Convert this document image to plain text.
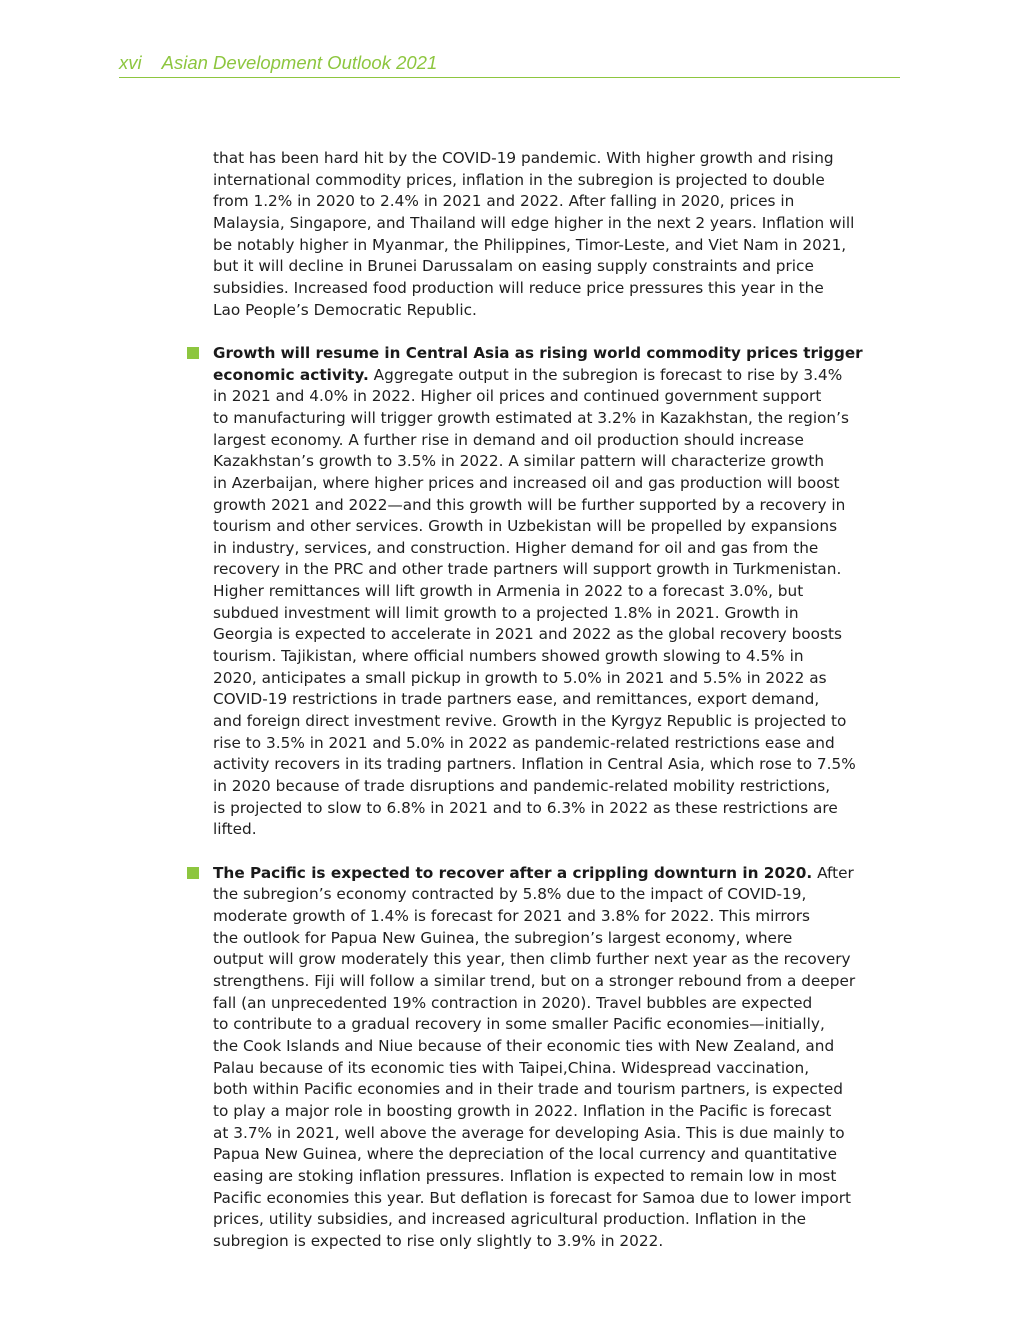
xvi Asian Development Outlook 2021

that has been hard hit by the COVID-19 pandemic. With higher growth and rising
international commodity prices, inflation in the subregion is projected to double
from 1.2% in 2020 to 2.4% in 2021 and 2022. After falling in 2020, prices in
Malaysia, Singapore, and Thailand will edge higher in the next 2 years. Inflation will
be notably higher in Myanmar, the Philippines, Timor-Leste, and Viet Nam in 2021,
but it will decline in Brunei Darussalam on easing supply constraints and price
subsidies. Increased food production will reduce price pressures this year in the
Lao People’s Democratic Republic.

Growth will resume in Central Asia as rising world commodity prices trigger
economic activity. Aggregate output in the subregion is forecast to rise by 3.4%
in 2021 and 4.0% in 2022. Higher oil prices and continued government support
to manufacturing will trigger growth estimated at 3.2% in Kazakhstan, the region’s
largest economy. A further rise in demand and oil production should increase
Kazakhstan’s growth to 3.5% in 2022. A similar pattern will characterize growth
in Azerbaijan, where higher prices and increased oil and gas production will boost
growth 2021 and 2022—and this growth will be further supported by a recovery in
tourism and other services. Growth in Uzbekistan will be propelled by expansions
in industry, services, and construction. Higher demand for oil and gas from the
recovery in the PRC and other trade partners will support growth in Turkmenistan.
Higher remittances will lift growth in Armenia in 2022 to a forecast 3.0%, but
subdued investment will limit growth to a projected 1.8% in 2021. Growth in
Georgia is expected to accelerate in 2021 and 2022 as the global recovery boosts
tourism. Tajikistan, where official numbers showed growth slowing to 4.5% in
2020, anticipates a small pickup in growth to 5.0% in 2021 and 5.5% in 2022 as
COVID-19 restrictions in trade partners ease, and remittances, export demand,
and foreign direct investment revive. Growth in the Kyrgyz Republic is projected to
rise to 3.5% in 2021 and 5.0% in 2022 as pandemic-related restrictions ease and
activity recovers in its trading partners. Inflation in Central Asia, which rose to 7.5%
in 2020 because of trade disruptions and pandemic-related mobility restrictions,
is projected to slow to 6.8% in 2021 and to 6.3% in 2022 as these restrictions are
lifted.
The Pacific is expected to recover after a crippling downturn in 2020. After
the subregion’s economy contracted by 5.8% due to the impact of COVID-19,
moderate growth of 1.4% is forecast for 2021 and 3.8% for 2022. This mirrors
the outlook for Papua New Guinea, the subregion’s largest economy, where
output will grow moderately this year, then climb further next year as the recovery
strengthens. Fiji will follow a similar trend, but on a stronger rebound from a deeper
fall (an unprecedented 19% contraction in 2020). Travel bubbles are expected
to contribute to a gradual recovery in some smaller Pacific economies—initially,
the Cook Islands and Niue because of their economic ties with New Zealand, and
Palau because of its economic ties with Taipei,China. Widespread vaccination,
both within Pacific economies and in their trade and tourism partners, is expected
to play a major role in boosting growth in 2022. Inflation in the Pacific is forecast
at 3.7% in 2021, well above the average for developing Asia. This is due mainly to
Papua New Guinea, where the depreciation of the local currency and quantitative
easing are stoking inflation pressures. Inflation is expected to remain low in most
Pacific economies this year. But deflation is forecast for Samoa due to lower import
prices, utility subsidies, and increased agricultural production. Inflation in the
subregion is expected to rise only slightly to 3.9% in 2022.
